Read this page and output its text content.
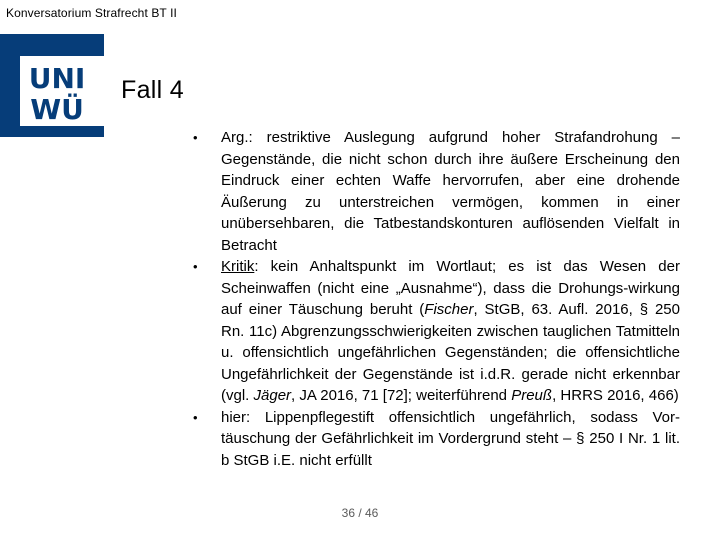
Konversatorium Strafrecht BT II
UNI
WÜ
Fall 4
• Arg.: restriktive Auslegung aufgrund hoher Strafandrohung – Gegenstände, die nicht schon durch ihre äußere Erscheinung den Eindruck einer echten Waffe hervorrufen, aber eine drohende Äußerung zu unterstreichen vermögen, kommen in einer unübersehbaren, die Tatbestandskonturen auflösenden Vielfalt in Betracht
• Kritik: kein Anhaltspunkt im Wortlaut; es ist das Wesen der Scheinwaffen (nicht eine „Ausnahme“), dass die Drohungs-wirkung auf einer Täuschung beruht (Fischer, StGB, 63. Aufl. 2016, § 250 Rn. 11c) Abgrenzungsschwierigkeiten zwischen tauglichen Tatmitteln u. offensichtlich ungefährlichen Gegenständen; die offensichtliche Ungefährlichkeit der Gegenstände ist i.d.R. gerade nicht erkennbar (vgl. Jäger, JA 2016, 71 [72]; weiterführend Preuß, HRRS 2016, 466)
• hier: Lippenpflegestift offensichtlich ungefährlich, sodass Vor-täuschung der Gefährlichkeit im Vordergrund steht – § 250 I Nr. 1 lit. b StGB i.E. nicht erfüllt
36 / 46
